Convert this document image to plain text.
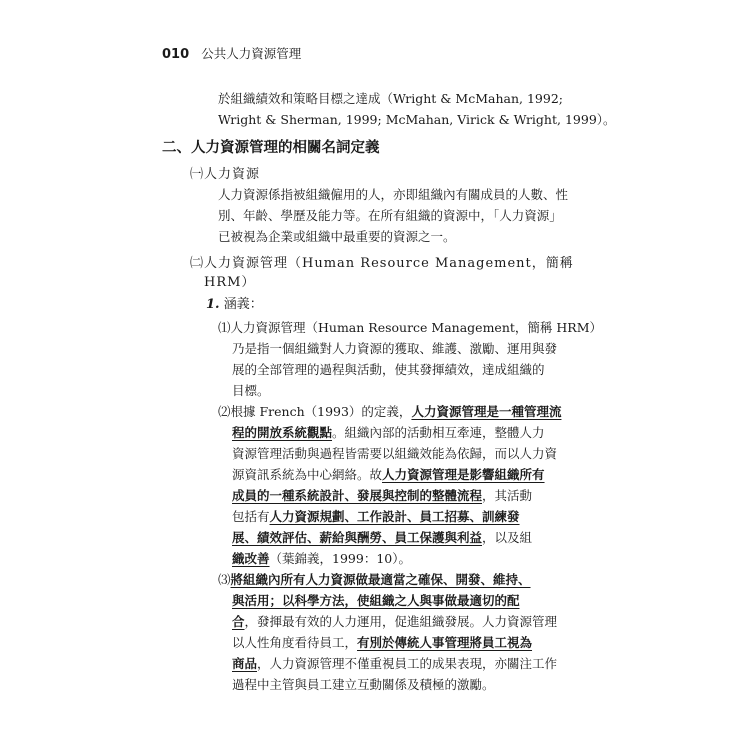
010 公共人力資源管理
於組織績效和策略目標之達成（Wright & McMahan, 1992;
Wright & Sherman, 1999; McMahan, Virick & Wright, 1999）。
二、人力資源管理的相關名詞定義
㈠人力資源
人力資源係指被組織僱用的人，亦即組織內有關成員的人數、性
別、年齡、學歷及能力等。在所有組織的資源中，「人力資源」
已被視為企業或組織中最重要的資源之一。
㈡人力資源管理（Human Resource Management，簡稱
HRM）
1. 涵義：
⑴人力資源管理（Human Resource Management，簡稱 HRM）
乃是指一個組織對人力資源的獲取、維護、激勵、運用與發
展的全部管理的過程與活動，使其發揮績效，達成組織的
目標。
⑵根據 French（1993）的定義，人力資源管理是一種管理流
程的開放系統觀點。組織內部的活動相互牽連，整體人力
資源管理活動與過程皆需要以組織效能為依歸，而以人力資
源資訊系統為中心網絡。故人力資源管理是影響組織所有
成員的一種系統設計、發展與控制的整體流程，其活動
包括有人力資源規劃、工作設計、員工招募、訓練發
展、績效評估、薪給與酬勞、員工保護與利益，以及組
織改善（葉錦義，1999：10）。
⑶將組織內所有人力資源做最適當之確保、開發、維持、
與活用；以科學方法，使組織之人與事做最適切的配
合，發揮最有效的人力運用，促進組織發展。人力資源管理
以人性角度看待員工，有別於傳統人事管理將員工視為
商品，人力資源管理不僅重視員工的成果表現，亦關注工作
過程中主管與員工建立互動關係及積極的激勵。
